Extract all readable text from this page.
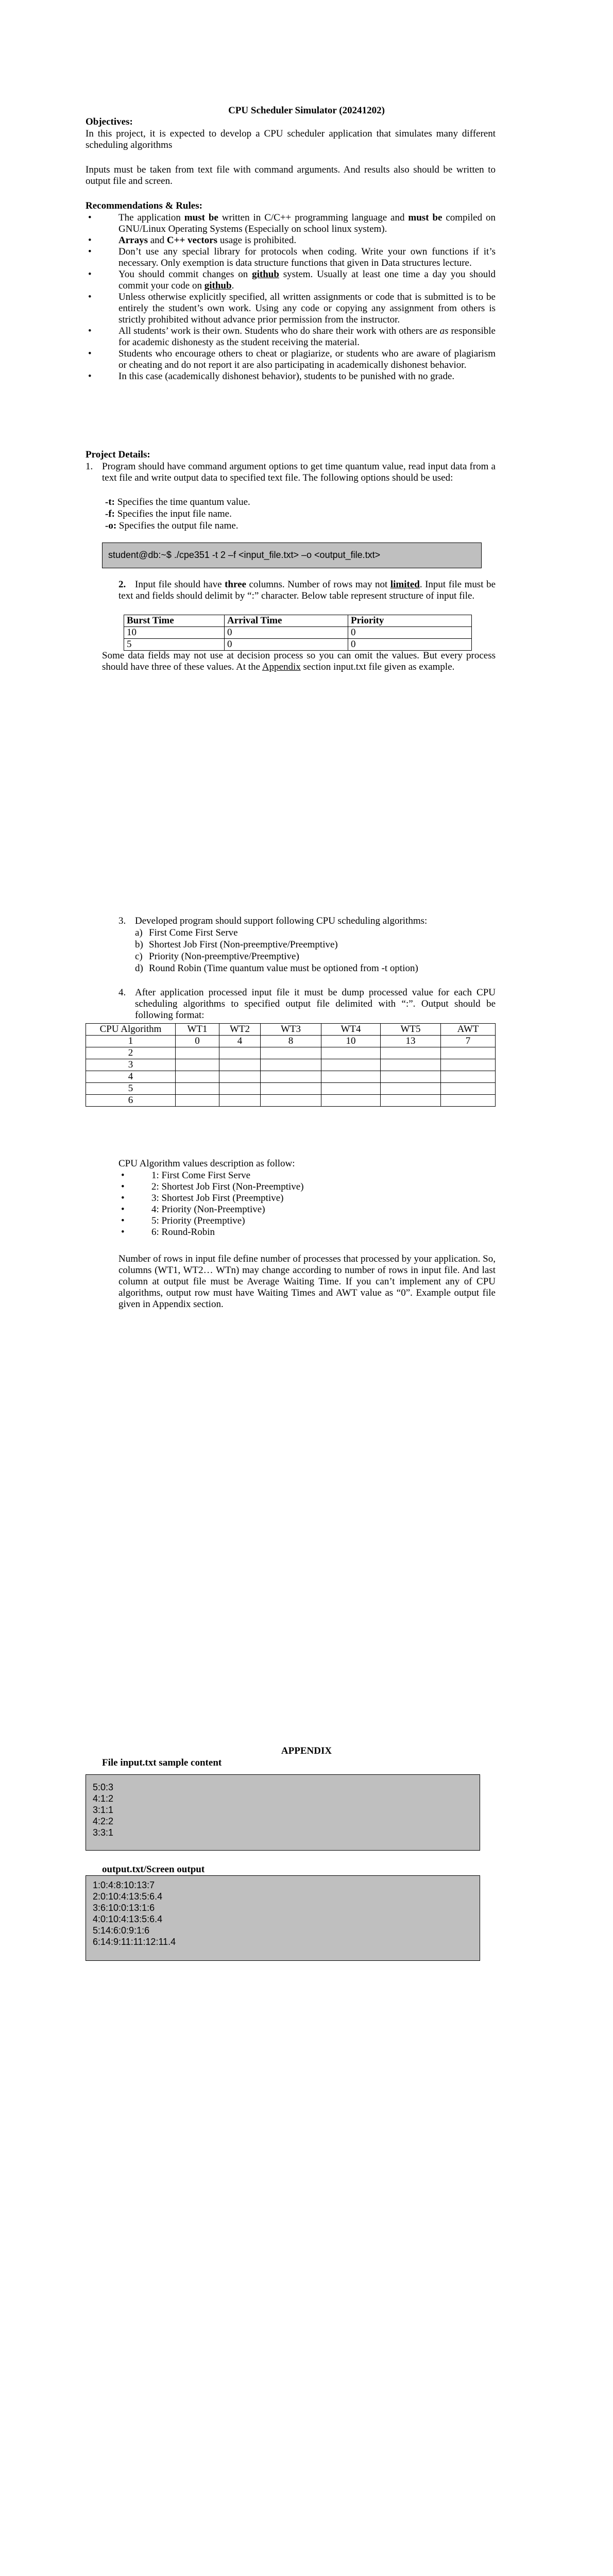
CPU Scheduler Simulator (20241202)
Objectives:
In this project, it is expected to develop a CPU scheduler application that simulates many different scheduling algorithms
Inputs must be taken from text file with command arguments. And results also should be written to output file and screen.
Recommendations & Rules:
• The application must be written in C/C++ programming language and must be compiled on GNU/Linux Operating Systems (Especially on school linux system).
• Arrays and C++ vectors usage is prohibited.
• Don’t use any special library for protocols when coding. Write your own functions if it’s necessary. Only exemption is data structure functions that given in Data structures lecture.
• You should commit changes on github system. Usually at least one time a day you should commit your code on github.
• Unless otherwise explicitly specified, all written assignments or code that is submitted is to be entirely the student’s own work. Using any code or copying any assignment from others is strictly prohibited without advance prior permission from the instructor.
• All students’ work is their own. Students who do share their work with others are as responsible for academic dishonesty as the student receiving the material.
• Students who encourage others to cheat or plagiarize, or students who are aware of plagiarism or cheating and do not report it are also participating in academically dishonest behavior.
• In this case (academically dishonest behavior), students to be punished with no grade.
Project Details:
1. Program should have command argument options to get time quantum value, read input data from a text file and write output data to specified text file. The following options should be used:
-t: Specifies the time quantum value.
-f: Specifies the input file name.
-o: Specifies the output file name.
student@db:~$ ./cpe351 -t 2 –f <input_file.txt> –o <output_file.txt>
2. Input file should have three columns. Number of rows may not limited. Input file must be text and fields should delimit by “:” character. Below table represent structure of input file.
Burst Time	Arrival Time	Priority
10	0	0
5	0	0
Some data fields may not use at decision process so you can omit the values. But every process should have three of these values. At the Appendix section input.txt file given as example.
3. Developed program should support following CPU scheduling algorithms:
a) First Come First Serve
b) Shortest Job First (Non-preemptive/Preemptive)
c) Priority (Non-preemptive/Preemptive)
d) Round Robin (Time quantum value must be optioned from -t option)
4. After application processed input file it must be dump processed value for each CPU scheduling algorithms to specified output file delimited with “:”. Output should be following format:
CPU Algorithm	WT1	WT2	WT3	WT4	WT5	AWT
1	0	4	8	10	13	7
2						
3						
4						
5						
6						
CPU Algorithm values description as follow:
• 1: First Come First Serve
• 2: Shortest Job First (Non-Preemptive)
• 3: Shortest Job First (Preemptive)
• 4: Priority (Non-Preemptive)
• 5: Priority (Preemptive)
• 6: Round-Robin
Number of rows in input file define number of processes that processed by your application. So, columns (WT1, WT2… WTn) may change according to number of rows in input file. And last column at output file must be Average Waiting Time. If you can’t implement any of CPU algorithms, output row must have Waiting Times and AWT value as “0”. Example output file given in Appendix section.
APPENDIX
File input.txt sample content
5:0:3
4:1:2
3:1:1
4:2:2
3:3:1
output.txt/Screen output
1:0:4:8:10:13:7
2:0:10:4:13:5:6.4
3:6:10:0:13:1:6
4:0:10:4:13:5:6.4
5:14:6:0:9:1:6
6:14:9:11:11:12:11.4
